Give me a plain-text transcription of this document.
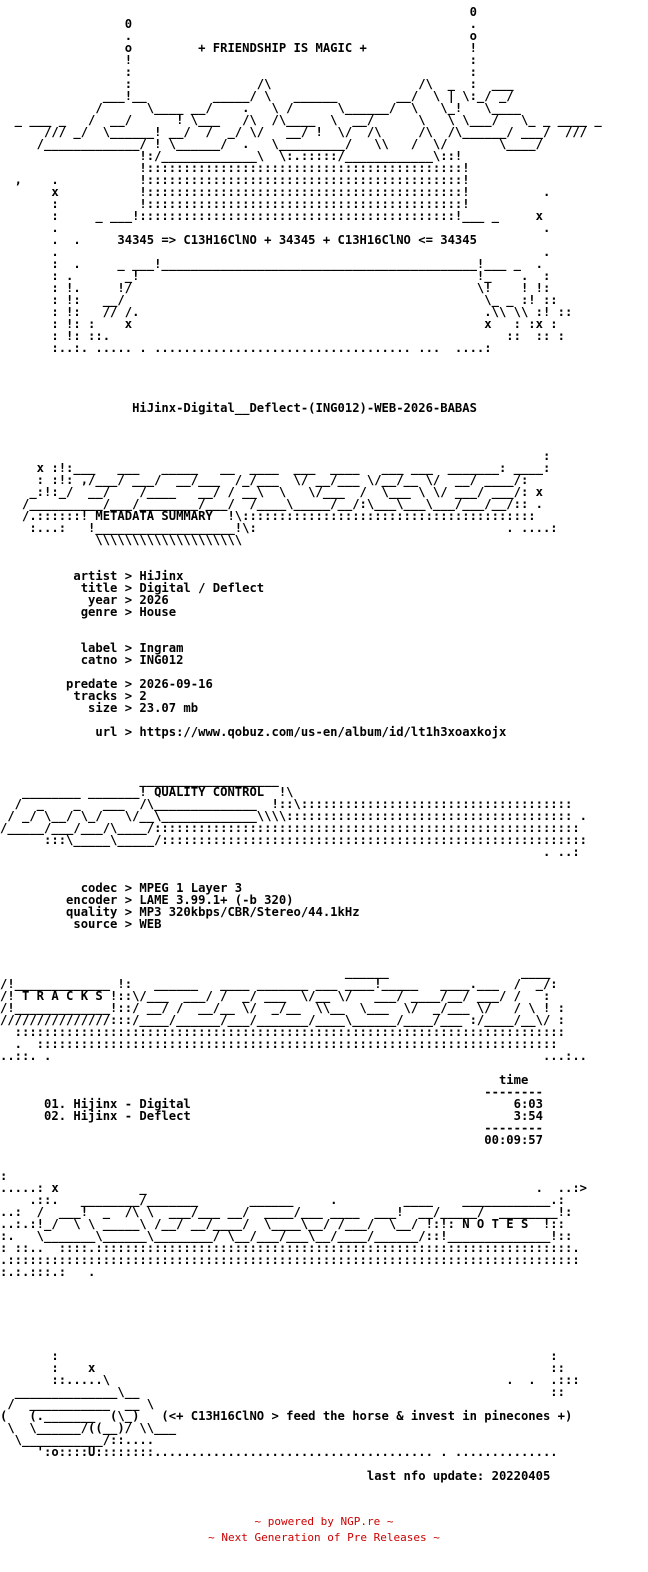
0
0                                              .
.                                              o
o         + FRIENDSHIP IS MAGIC +              !
!                                              :
:                                              :
:                 /\                    /\  _  :  ___
___!__         _____/ \   ______        __/  \ | \:_/ _/
/      \____ __/    .   \ /      \______/  \   \_!   \____
_ ___ _   /  __/      ! \___   /\  /\____  \  __/      \   \ \___/   \_ _ ____ _
/// _/  \______! __/  /  _/ \/   __/ !  \/  /\     /\  /\______/ ___/  ///
/_____________/ ! \______/  .   \_________/   \\   /  \/       \____/
!:/_____________\  \:.:::::/____________\::!
!:::::::::::::::::::::::::::::::::::::::::::!
,    .           !:::::::::::::::::::::::::::::::::::::::::::!
x           !:::::::::::::::::::::::::::::::::::::::::::!          .
:           !:::::::::::::::::::::::::::::::::::::::::::!
:     _ ___!:::::::::::::::::::::::::::::::::::::::::::!___ _     x
.                                                                  .
.  .     34345 => C13H16ClNO + 34345 + C13H16ClNO <= 34345
.                                                                  .
:  .     _ ___!___________________________________________!___ _  .
: .       _!                                              !_    .  :
: !.     !/                                               \!    ! !:
: !:   __/                                                 \_ _ :! ::
: !:   // /.                                               .\\ \\ :! ::
: !: :    x                                                x   : :x :
: !: ::.                                                      ::  :: :
:..:. ..... . ................................... ...  ....:

HiJinx-Digital__Deflect-(ING012)-WEB-2026-BABAS

:
x :!:___   ___   _____   __  ____  ___  ____   ___ ___  _______: ____:
: :!: ,/___/ ___/  __/___  /_/___  \/ __/___ \/__/__ \/  __/ ____/:
_:!:_/  __/    /____   __/ / __\  \   \/___  /  \___ \ \/ ___/ ___/: x
/__________/___/________/___/  /____\_____/__/:\___\___\___/___/__/:: .
/.::::::! METADATA SUMMARY  !\::::::::::::::::::::::::::::::::::::::::
:...:   !___________________!\:                                  . ....:
\\\\\\\\\\\\\\\\\\\\

artist > HiJinx
title > Digital / Deflect
year > 2026
genre > House

label > Ingram
catno > ING012

predate > 2026-09-16
tracks > 2
size > 23.07 mb

url > https://www.qobuz.com/us-en/album/id/lt1h3xoaxkojx

___________________
________ _______! QUALITY CONTROL  !\
/  _    _   ___  /\______________  !::\:::::::::::::::::::::::::::::::::::::
/ _/ \__/ \_/   \/__\_____________\\\\::::::::::::::::::::::::::::::::::::::: .
/_____/___/___/\____/::::::::::::::::::::::::::::::::::::::::::::::::::::::::::
:::\_____\_____/::::::::::::::::::::::::::::::::::::::::::::::::::::::::::
. ..:

codec > MPEG 1 Layer 3
encoder > LAME 3.99.1+ (-b 320)
quality > MP3 320kbps/CBR/Stereo/44.1kHz
source > WEB

______                  ____
/!_____________ !:   ______   ____ _______ ___ ____!_____   ____.___  /  _/:
/! T R A C K S !::\/___  ___/ /  _/ ___  \/__ \/   ___/ ____/__/ ___/ /   :
/!_____________!::/ __/ /  __/__ \/  _/__  \\__  \___  \/  _/___ \/   / \ ! :
///////////////:::/____/______/___/_______/____\______/____/___ :/____/__\/ :
:::::::::::::::::::::::::::::::::::::::::::::::::::::::::::::::::::::::::::
.  :::::::::::::::::::::::::::::::::::::::::::::::::::::::::::::::::::::::
..::. .                                                                   ...:..

time
--------
01. Hijinx - Digital                                            6:03
02. Hijinx - Deflect                                            3:54
--------
00:09:57

:
.....: x           _                                                     .  ..:>
.::.   ________/_______       ______     .         ____    ____________.:
..:  /  ___!  _  /\ \  ___/___ __/  ____/___ ____  ___!  __/_____/  ________!:
..:.:!_/  \ \ _____\ /__/ __/____/  \____\__/ /___/  \__/ !:!: N O T E S  !::
:.   \_______\______\________/ \__/___/___\__/____/______/::!______________!::
: ::..  ::::.:::::::::::::::::::::::::::::::::::::::::::::::::::::::::::::::::.
.::::::::::::::::::::::::::::::::::::::::::::::::::::::::::::::::::::::::::::::
:.:.:::.:   .

:                                                                   :
:    x                                                              ::
::.....\                                                      .  .  .:::
______________\__                                                        ::
/  ___________  __ \
(   (._______  (\_)   (<+ C13H16ClNO > feed the horse & invest in pinecones +)
\  \______/((__)/ \\___
\___________/::....
':o::::U::::::::...................................... . ..............

last nfo update: 20220405
~ powered by NGP.re ~
~ Next Generation of Pre Releases ~
